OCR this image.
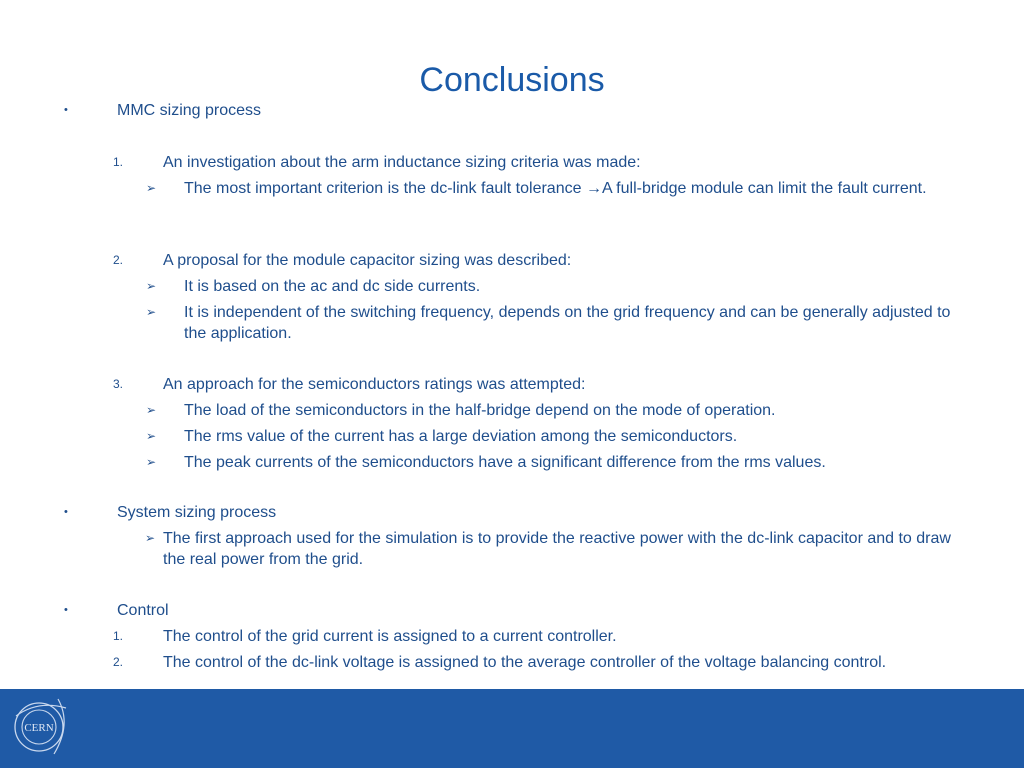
Conclusions
•	MMC sizing process
1. An investigation about the arm inductance sizing criteria was made:
➢ The most important criterion is the dc-link fault tolerance →A full-bridge module can limit the fault current.
2. A proposal for the module capacitor sizing was described:
➢ It is based on the ac and dc side currents.
➢ It is independent of the switching frequency, depends on the grid frequency and can be generally adjusted to the application.
3. An approach for the semiconductors ratings was attempted:
➢ The load of the semiconductors in the half-bridge depend on the mode of operation.
➢ The rms value of the current has a large deviation among the semiconductors.
➢ The peak currents of the semiconductors have a significant difference from the rms values.
•	System sizing process
➢ The first approach used for the simulation is to provide the reactive power with the dc-link capacitor and to draw the real power from the grid.
•	Control
1. The control of the grid current is assigned to a current controller.
2. The control of the dc-link voltage is assigned to the average controller of the voltage balancing control.
CERN
